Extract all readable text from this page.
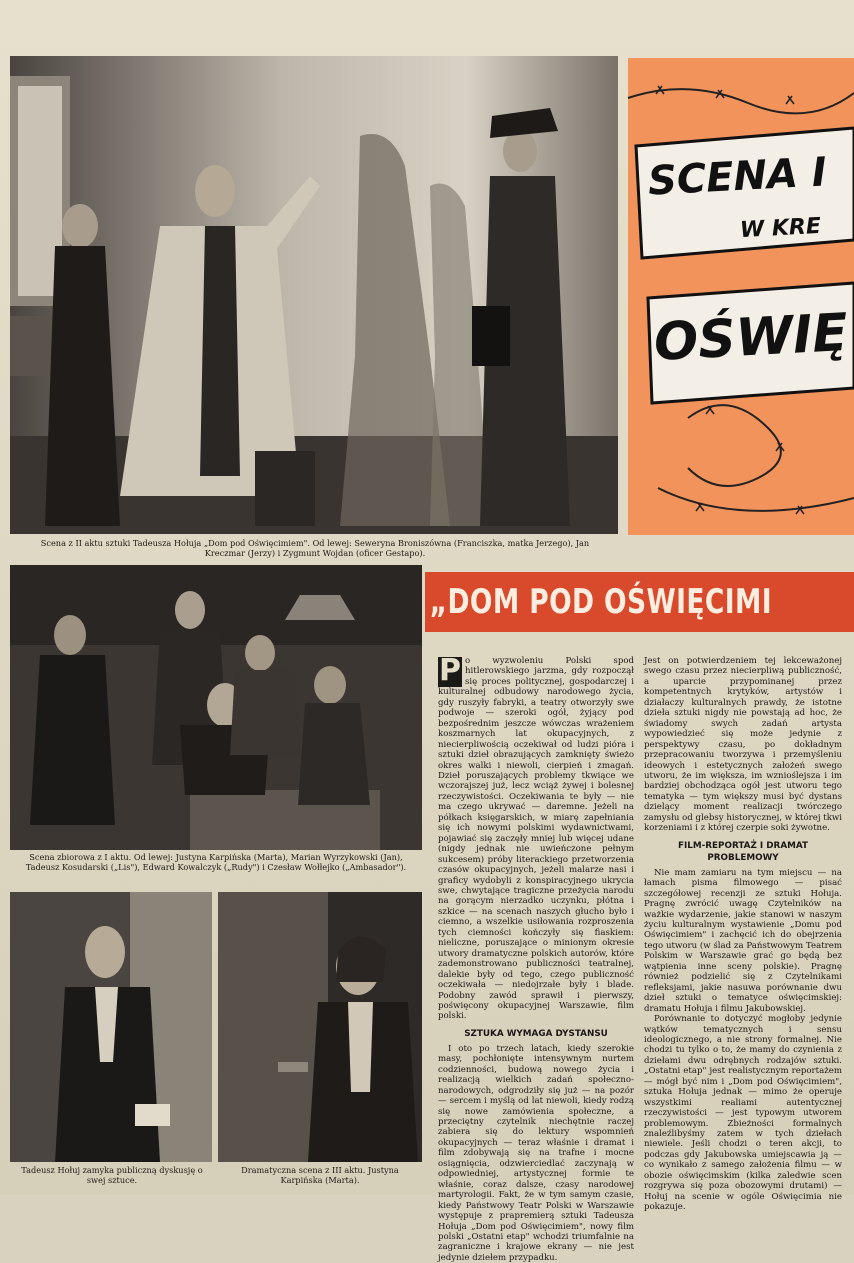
Scena z II aktu sztuki Tadeusza Hołuja „Dom pod Oświęcimiem". Od lewej: Seweryna Broniszówna (Franciszka, matka Jerzego), Jan Kreczmar (Jerzy) i Zygmunt Wojdan (oficer Gestapo).
SCENA I
W KRE
OŚWIĘ
Scena zbiorowa z I aktu. Od lewej: Justyna Karpińska (Marta), Marian Wyrzykowski (Jan), Tadeusz Kosudarski („Lis"), Edward Kowalczyk („Rudy") i Czesław Wołłejko („Ambasador").
Tadeusz Hołuj zamyka publiczną dyskusję o swej sztuce.
Dramatyczna scena z III aktu. Justyna Karpińska (Marta).
„DOM POD OŚWIĘCIMI

P o wyzwoleniu Polski spod hitlerowskiego jarzma, gdy rozpoczął się proces politycznej, gospodarczej i kulturalnej odbudowy narodowego życia, gdy ruszyły fabryki, a teatry otworzyły swe podwoje — szeroki ogół, żyjący pod bezpośrednim jeszcze wówczas wrażeniem koszmarnych lat okupacyjnych, z niecierpliwością oczekiwał od ludzi pióra i sztuki dzieł obrazujących zamknięty świeżo okres walki i niewoli, cierpień i zmagań. Dzieł poruszających problemy tkwiące we wczorajszej już, lecz wciąż żywej i bolesnej rzeczywistości. Oczekiwania te były — nie ma czego ukrywać — daremne. Jeżeli na półkach księgarskich, w miarę zapełniania się ich nowymi polskimi wydawnictwami, pojawiać się zaczęły mniej lub więcej udane (nigdy jednak nie uwieńczone pełnym sukcesem) próby literackiego przetworzenia czasów okupacyjnych, jeżeli malarze nasi i graficy wydobyli z konspiracyjnego ukrycia swe, chwytające tragiczne przeżycia narodu na gorącym nierzadko uczynku, płótna i szkice — na scenach naszych głucho było i ciemno, a wszelkie usiłowania rozproszenia tych ciemności kończyły się fiaskiem: nieliczne, poruszające o minionym okresie utwory dramatyczne polskich autorów, które zademonstrowano publiczności teatralnej, dalekie były od tego, czego publiczność oczekiwała — niedojrzałe były i blade. Podobny zawód sprawił i pierwszy, poświęcony okupacyjnej Warszawie, film polski.

SZTUKA WYMAGA DYSTANSU

I oto po trzech latach, kiedy szerokie masy, pochłonięte intensywnym nurtem codzienności, budową nowego życia i realizacją wielkich zadań społeczno-narodowych, odgrodziły się już — na pozór — sercem i myślą od lat niewoli, kiedy rodzą się nowe zamówienia społeczne, a przeciętny czytelnik niechętnie raczej zabiera się do lektury wspomnień okupacyjnych — teraz właśnie i dramat i film zdobywają się na trafne i mocne osiągnięcia, odzwierciedlać zaczynają w odpowiedniej, artystycznej formie te właśnie, coraz dalsze, czasy narodowej martyrologii. Fakt, że w tym samym czasie, kiedy Państwowy Teatr Polski w Warszawie występuje z prapremierą sztuki Tadeusza Hołuja „Dom pod Oświęcimiem", nowy film polski „Ostatni etap" wchodzi triumfalnie na zagraniczne i krajowe ekrany — nie jest jedynie dziełem przypadku.

Jest on potwierdzeniem tej lekceważonej swego czasu przez niecierpliwą publiczność, a uparcie przypominanej przez kompetentnych krytyków, artystów i działaczy kulturalnych prawdy, że istotne dzieła sztuki nigdy nie powstają ad hoc, że świadomy swych zadań artysta wypowiedzieć się może jedynie z perspektywy czasu, po dokładnym przepracowaniu tworzywa i przemyśleniu ideowych i estetycznych założeń swego utworu, że im większa, im wznioślejsza i im bardziej obchodząca ogół jest utworu tego tematyka — tym większy musi być dystans dzielący moment realizacji twórczego zamysłu od glebsy historycznej, w której tkwi korzeniami i z której czerpie soki żywotne.

FILM-REPORTAŻ I DRAMAT PROBLEMOWY

Nie mam zamiaru na tym miejscu — na łamach pisma filmowego — pisać szczegółowej recenzji ze sztuki Hołuja. Pragnę zwrócić uwagę Czytelników na ważkie wydarzenie, jakie stanowi w naszym życiu kulturalnym wystawienie „Domu pod Oświęcimiem" i zachęcić ich do obejrzenia tego utworu (w ślad za Państwowym Teatrem Polskim w Warszawie grać go będą bez wątpienia inne sceny polskie). Pragnę również podzielić się z Czytelnikami refleksjami, jakie nasuwa porównanie dwu dzieł sztuki o tematyce oświęcimskiej: dramatu Hołuja i filmu Jakubowskiej.

Porównanie to dotyczyć mogłoby jedynie wątków tematycznych i sensu ideologicznego, a nie strony formalnej. Nie chodzi tu tylko o to, że mamy do czynienia z dziełami dwu odrębnych rodzajów sztuki. „Ostatni etap" jest realistycznym reportażem — mógł być nim i „Dom pod Oświęcimiem", sztuka Hołuja jednak — mimo że operuje wszystkimi realiami autentycznej rzeczywistości — jest typowym utworem problemowym. Zbieżności formalnych znaleźlibyśmy zatem w tych dziełach niewiele. Jeśli chodzi o teren akcji, to podczas gdy Jakubowska umiejscawia ją — co wynikało z samego założenia filmu — w obozie oświęcimskim (kilka zaledwie scen rozgrywa się poza obozowymi drutami) — Hołuj na scenie w ogóle Oświęcimia nie pokazuje.
